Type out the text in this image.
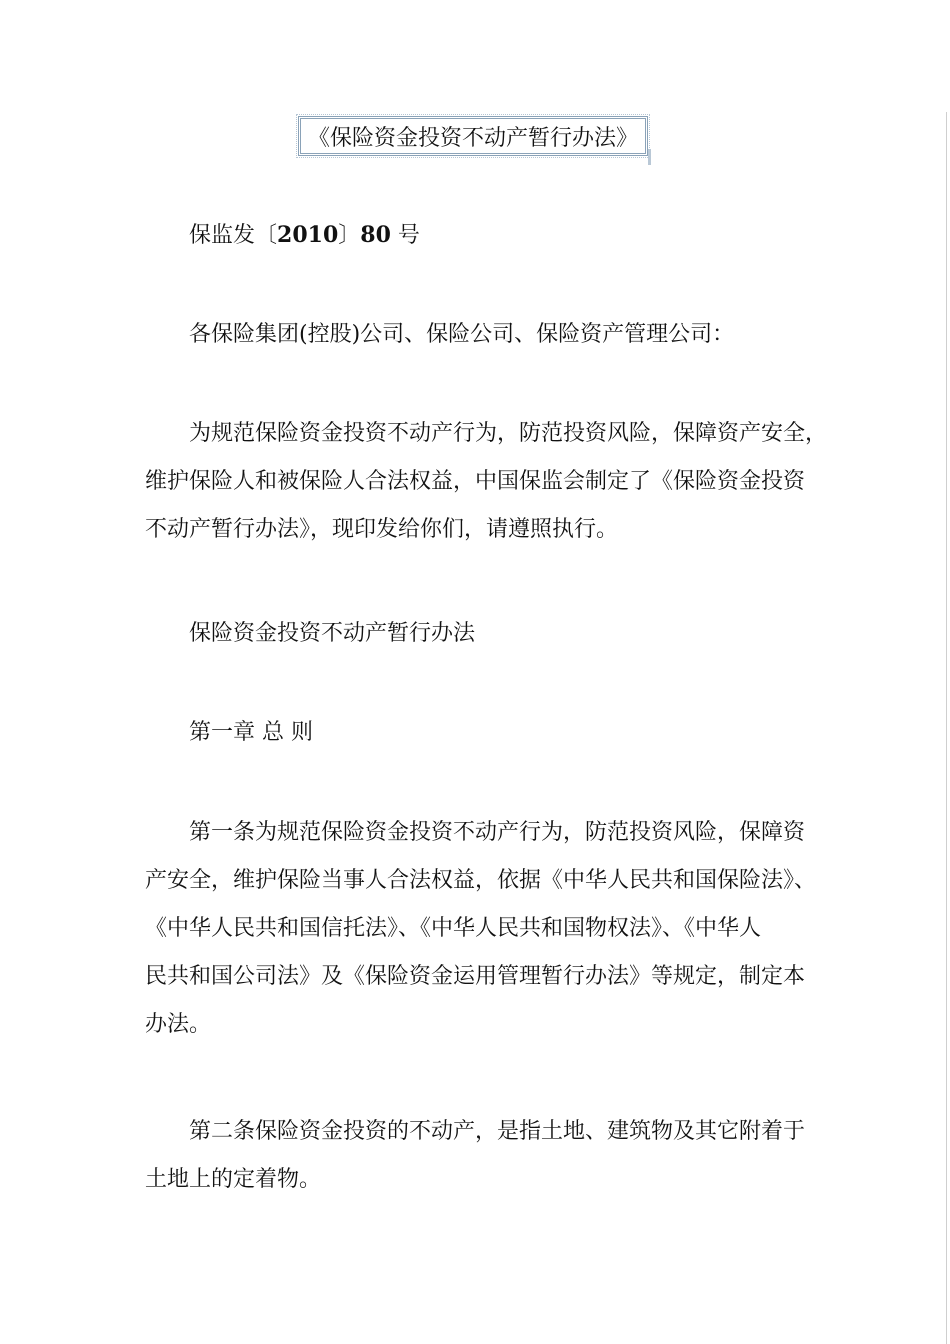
《保险资金投资不动产暂行办法》
保监发〔2010〕80 号
各保险集团(控股)公司、保险公司、保险资产管理公司：
为规范保险资金投资不动产行为，防范投资风险，保障资产安全，
维护保险人和被保险人合法权益，中国保监会制定了《保险资金投资
不动产暂行办法》，现印发给你们，请遵照执行。
保险资金投资不动产暂行办法
第一章 总 则
第一条为规范保险资金投资不动产行为，防范投资风险，保障资
产安全，维护保险当事人合法权益，依据《中华人民共和国保险法》、
《中华人民共和国信托法》、《中华人民共和国物权法》、《中华人
民共和国公司法》及《保险资金运用管理暂行办法》等规定，制定本
办法。
第二条保险资金投资的不动产，是指土地、建筑物及其它附着于
土地上的定着物。
